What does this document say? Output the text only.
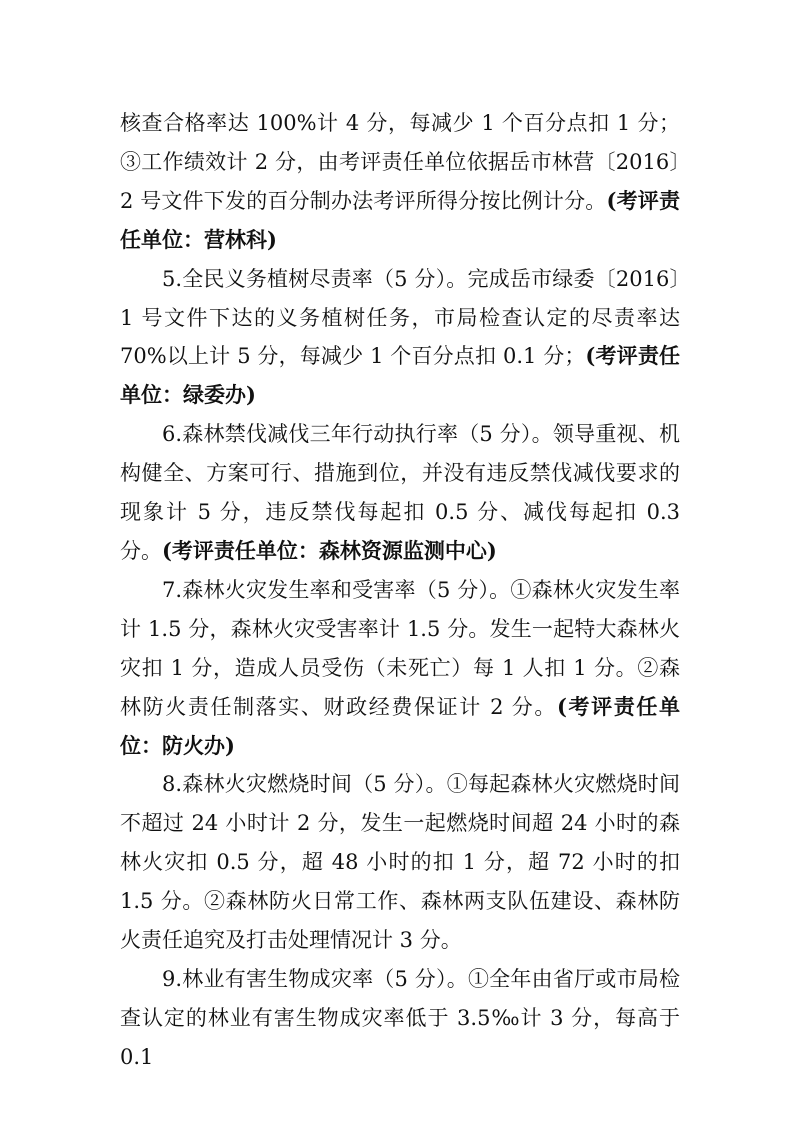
核查合格率达 100%计 4 分，每减少 1 个百分点扣 1 分；③工作绩效计 2 分，由考评责任单位依据岳市林营〔2016〕2 号文件下发的百分制办法考评所得分按比例计分。(考评责任单位：营林科)

5.全民义务植树尽责率（5 分）。完成岳市绿委〔2016〕1 号文件下达的义务植树任务，市局检查认定的尽责率达 70%以上计 5 分，每减少 1 个百分点扣 0.1 分；(考评责任单位：绿委办)

6.森林禁伐减伐三年行动执行率（5 分）。领导重视、机构健全、方案可行、措施到位，并没有违反禁伐减伐要求的现象计 5 分，违反禁伐每起扣 0.5 分、减伐每起扣 0.3 分。(考评责任单位：森林资源监测中心)

7.森林火灾发生率和受害率（5 分）。①森林火灾发生率计 1.5 分，森林火灾受害率计 1.5 分。发生一起特大森林火灾扣 1 分，造成人员受伤（未死亡）每 1 人扣 1 分。②森林防火责任制落实、财政经费保证计 2 分。(考评责任单位：防火办)

8.森林火灾燃烧时间（5 分）。①每起森林火灾燃烧时间不超过 24 小时计 2 分，发生一起燃烧时间超 24 小时的森林火灾扣 0.5 分，超 48 小时的扣 1 分，超 72 小时的扣 1.5 分。②森林防火日常工作、森林两支队伍建设、森林防火责任追究及打击处理情况计 3 分。

9.林业有害生物成灾率（5 分）。①全年由省厅或市局检查认定的林业有害生物成灾率低于 3.5‰计 3 分，每高于 0.1
